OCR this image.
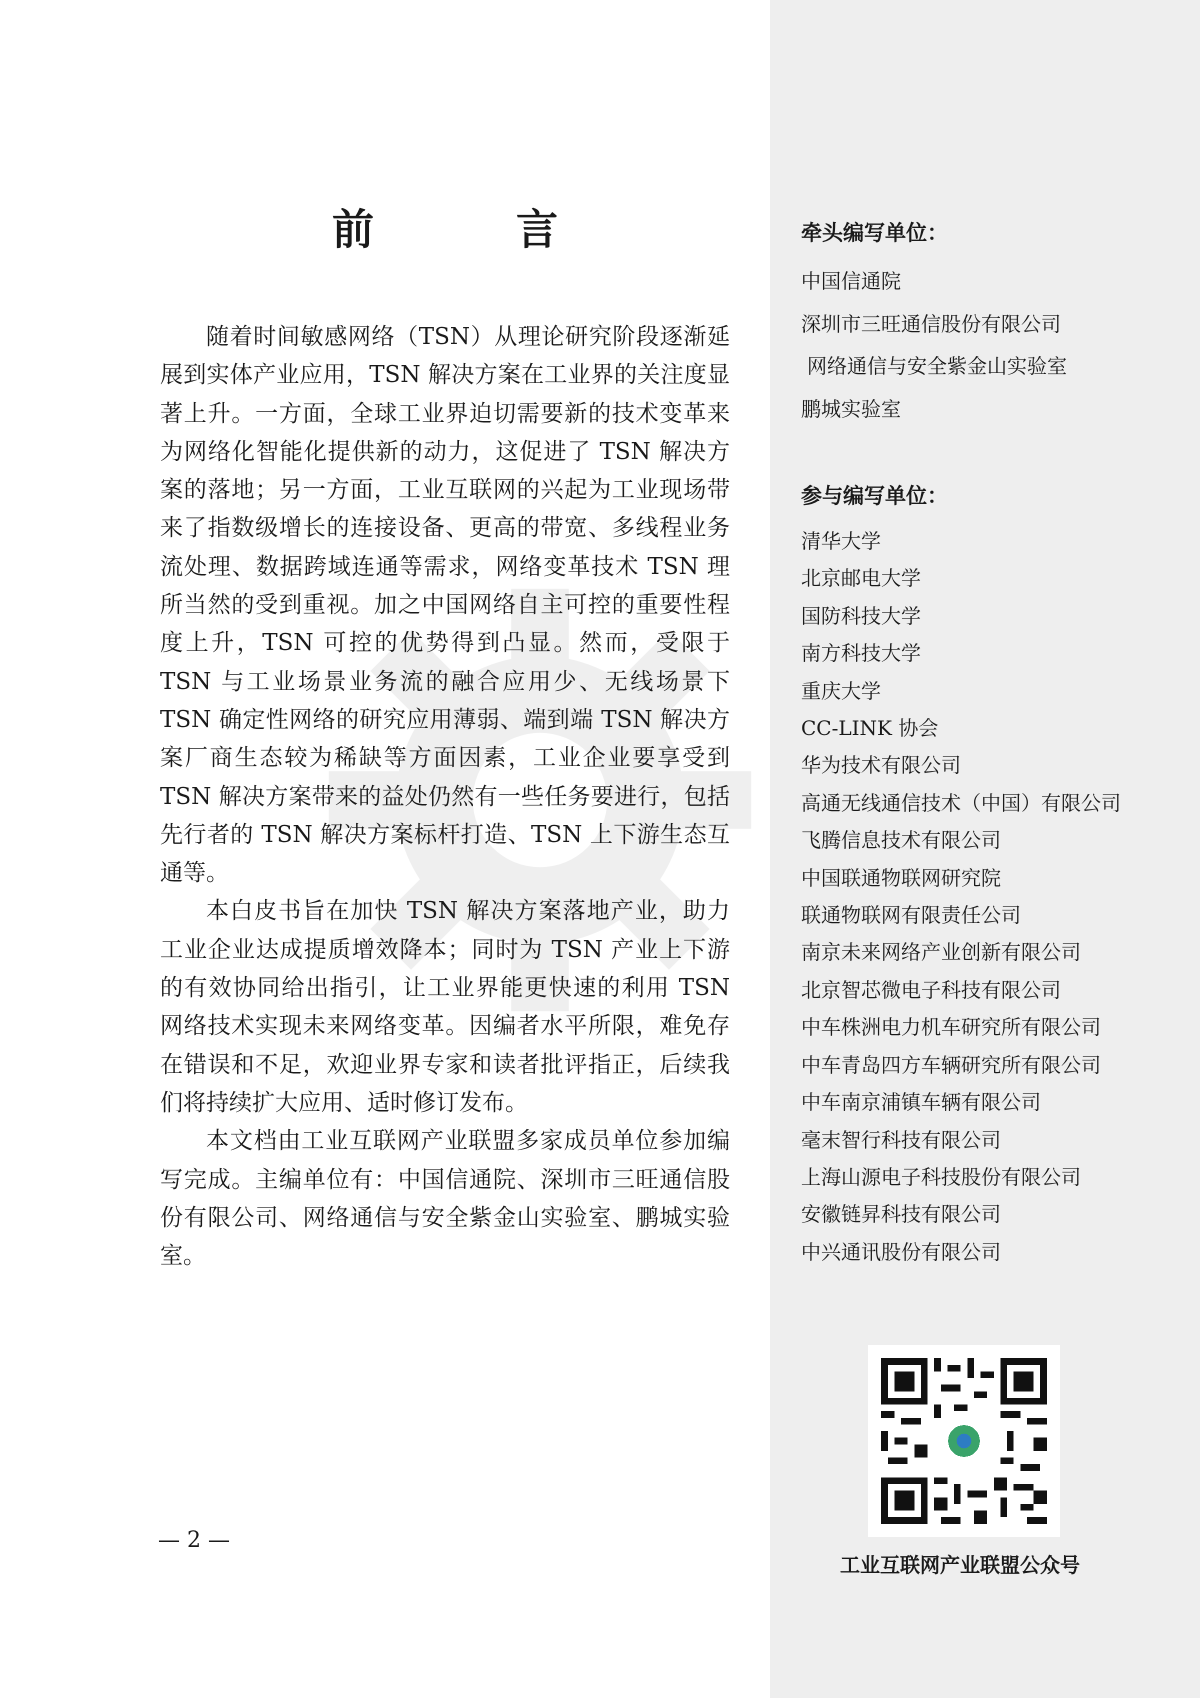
前　言

随着时间敏感网络（TSN）从理论研究阶段逐渐延展到实体产业应用，TSN 解决方案在工业界的关注度显著上升。一方面，全球工业界迫切需要新的技术变革来为网络化智能化提供新的动力，这促进了 TSN 解决方案的落地；另一方面，工业互联网的兴起为工业现场带来了指数级增长的连接设备、更高的带宽、多线程业务流处理、数据跨域连通等需求，网络变革技术 TSN 理所当然的受到重视。加之中国网络自主可控的重要性程度上升，TSN 可控的优势得到凸显。然而，受限于 TSN 与工业场景业务流的融合应用少、无线场景下 TSN 确定性网络的研究应用薄弱、端到端 TSN 解决方案厂商生态较为稀缺等方面因素，工业企业要享受到 TSN 解决方案带来的益处仍然有一些任务要进行，包括先行者的 TSN 解决方案标杆打造、TSN 上下游生态互通等。

本白皮书旨在加快 TSN 解决方案落地产业，助力工业企业达成提质增效降本；同时为 TSN 产业上下游的有效协同给出指引，让工业界能更快速的利用 TSN 网络技术实现未来网络变革。因编者水平所限，难免存在错误和不足，欢迎业界专家和读者批评指正，后续我们将持续扩大应用、适时修订发布。

本文档由工业互联网产业联盟多家成员单位参加编写完成。主编单位有：中国信通院、深圳市三旺通信股份有限公司、网络通信与安全紫金山实验室、鹏城实验室。

— 2 —
牵头编写单位：
中国信通院
深圳市三旺通信股份有限公司
网络通信与安全紫金山实验室
鹏城实验室
参与编写单位：
清华大学
北京邮电大学
国防科技大学
南方科技大学
重庆大学
CC-LINK 协会
华为技术有限公司
高通无线通信技术（中国）有限公司
飞腾信息技术有限公司
中国联通物联网研究院
联通物联网有限责任公司
南京未来网络产业创新有限公司
北京智芯微电子科技有限公司
中车株洲电力机车研究所有限公司
中车青岛四方车辆研究所有限公司
中车南京浦镇车辆有限公司
毫末智行科技有限公司
上海山源电子科技股份有限公司
安徽链昇科技有限公司
中兴通讯股份有限公司
工业互联网产业联盟公众号
